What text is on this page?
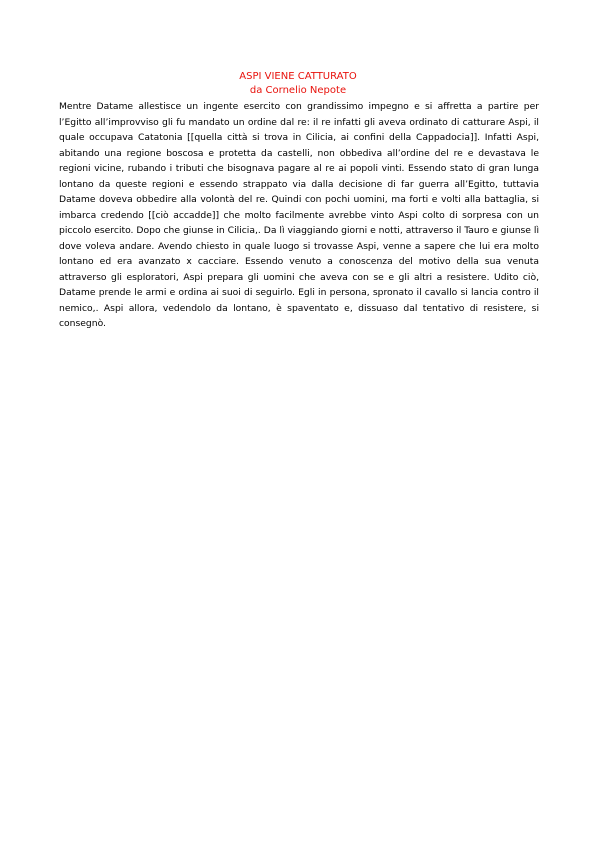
ASPI VIENE CATTURATO
da Cornelio Nepote

Mentre Datame allestisce un ingente esercito con grandissimo impegno e si affretta a partire per l’Egitto all’improvviso gli fu mandato un ordine dal re: il re infatti gli aveva ordinato di catturare Aspi, il quale occupava Catatonia [[quella città si trova in Cilicia, ai confini della Cappadocia]]. Infatti Aspi, abitando una regione boscosa e protetta da castelli, non obbediva all’ordine del re e devastava le regioni vicine, rubando i tributi che bisognava pagare al re ai popoli vinti. Essendo stato di gran lunga lontano da queste regioni e essendo strappato via dalla decisione di far guerra all’Egitto, tuttavia Datame doveva obbedire alla volontà del re. Quindi con pochi uomini, ma forti e volti alla battaglia, si imbarca credendo [[ciò accadde]] che molto facilmente avrebbe vinto Aspi colto di sorpresa con un piccolo esercito. Dopo che giunse in Cilicia,. Da lì viaggiando giorni e notti, attraverso il Tauro e giunse lì dove voleva andare. Avendo chiesto in quale luogo si trovasse Aspi, venne a sapere che lui era molto lontano ed era avanzato x cacciare. Essendo venuto a conoscenza del motivo della sua venuta attraverso gli esploratori, Aspi prepara gli uomini che aveva con se e gli altri a resistere. Udito ciò, Datame prende le armi e ordina ai suoi di seguirlo. Egli in persona, spronato il cavallo si lancia contro il nemico,. Aspi allora, vedendolo da lontano, è spaventato e, dissuaso dal tentativo di resistere, si consegnò.
